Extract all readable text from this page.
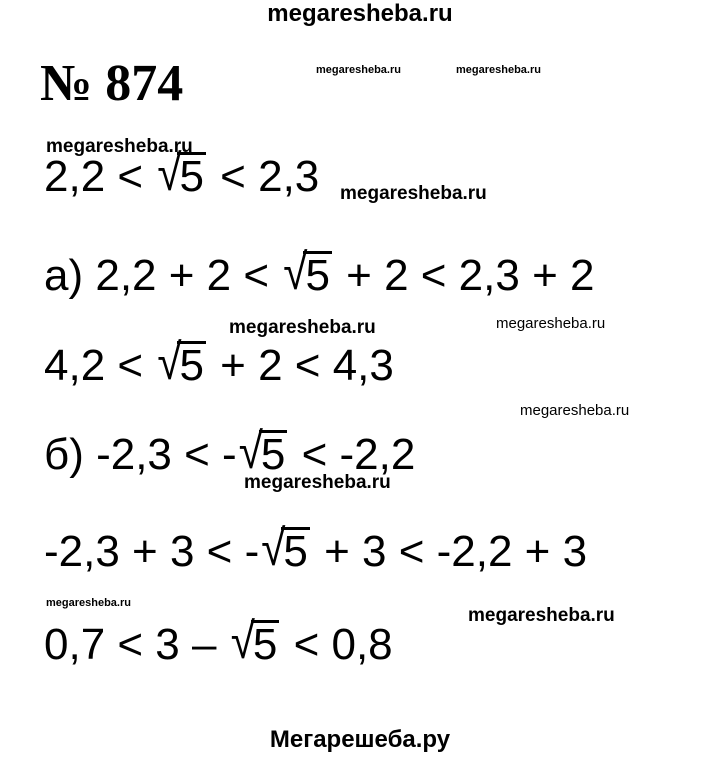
megaresheba.ru
№ 874	megaresheba.ru	megaresheba.ru
megaresheba.ru
2,2 < √5 < 2,3 megaresheba.ru
а) 2,2 + 2 < √5 + 2 < 2,3 + 2
megaresheba.ru	megaresheba.ru
4,2 < √5 + 2 < 4,3
megaresheba.ru
б) -2,3 < -√5 < -2,2
megaresheba.ru
-2,3 + 3 < -√5 + 3 < -2,2 + 3
megaresheba.ru
megaresheba.ru
0,7 < 3 – √5 < 0,8
Мегарешеба.ру
